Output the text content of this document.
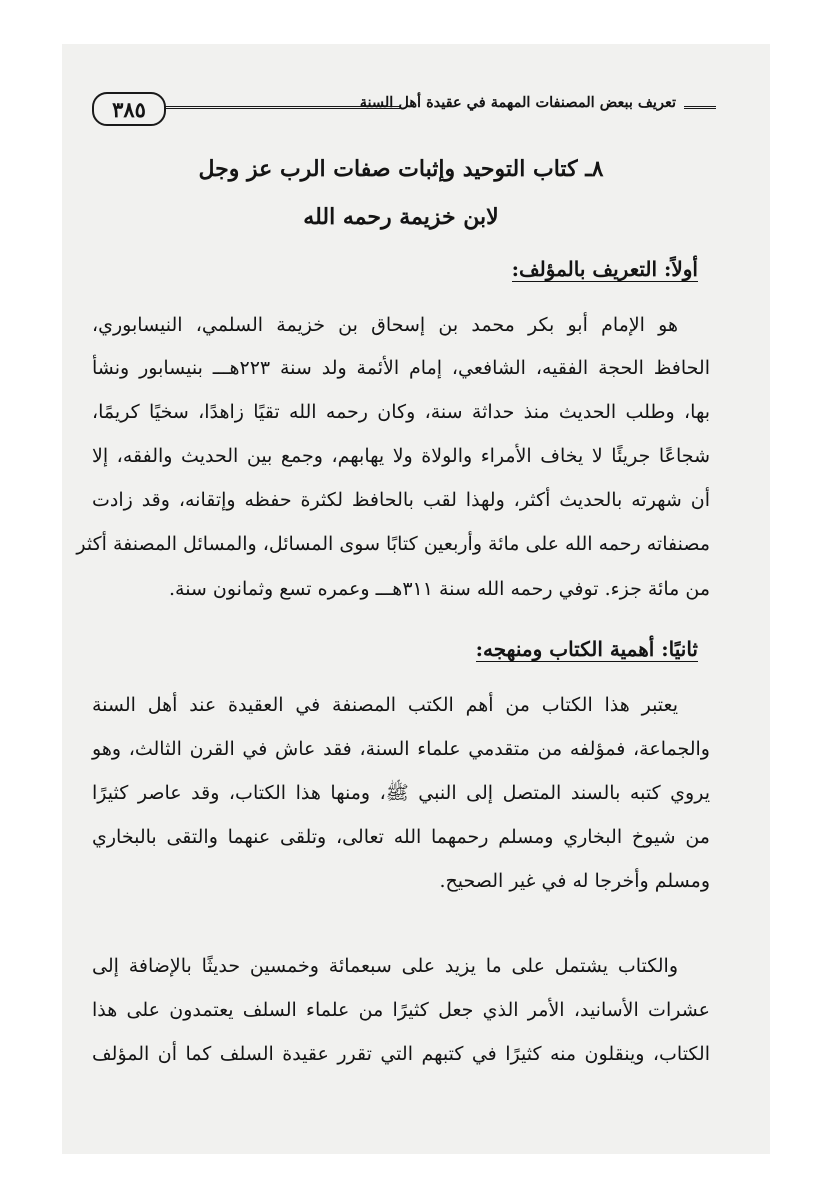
٣٨٥	تعريف ببعض المصنفات المهمة في عقيدة أهل السنة
٨ـ كتاب التوحيد وإثبات صفات الرب عز وجل
لابن خزيمة رحمه الله
أولاً: التعريف بالمؤلف:
هو الإمام أبو بكر محمد بن إسحاق بن خزيمة السلمي، النيسابوري،
الحافظ الحجة الفقيه، الشافعي، إمام الأئمة ولد سنة ٢٢٣هـــ بنيسابور ونشأ
بها، وطلب الحديث منذ حداثة سنة، وكان رحمه الله تقيًا زاهدًا، سخيًا كريمًا،
شجاعًا جريئًا لا يخاف الأمراء والولاة ولا يهابهم، وجمع بين الحديث والفقه، إلا
أن شهرته بالحديث أكثر، ولهذا لقب بالحافظ لكثرة حفظه وإتقانه، وقد زادت
مصنفاته رحمه الله على مائة وأربعين كتابًا سوى المسائل، والمسائل المصنفة أكثر
من مائة جزء. توفي رحمه الله سنة ٣١١هـــ وعمره تسع وثمانون سنة.
ثانيًا: أهمية الكتاب ومنهجه:
يعتبر هذا الكتاب من أهم الكتب المصنفة في العقيدة عند أهل السنة
والجماعة، فمؤلفه من متقدمي علماء السنة، فقد عاش في القرن الثالث، وهو
يروي كتبه بالسند المتصل إلى النبي ﷺ، ومنها هذا الكتاب، وقد عاصر كثيرًا
من شيوخ البخاري ومسلم رحمهما الله تعالى، وتلقى عنهما والتقى بالبخاري
ومسلم وأخرجا له في غير الصحيح.
والكتاب يشتمل على ما يزيد على سبعمائة وخمسين حديثًا بالإضافة إلى
عشرات الأسانيد، الأمر الذي جعل كثيرًا من علماء السلف يعتمدون على هذا
الكتاب، وينقلون منه كثيرًا في كتبهم التي تقرر عقيدة السلف كما أن المؤلف
